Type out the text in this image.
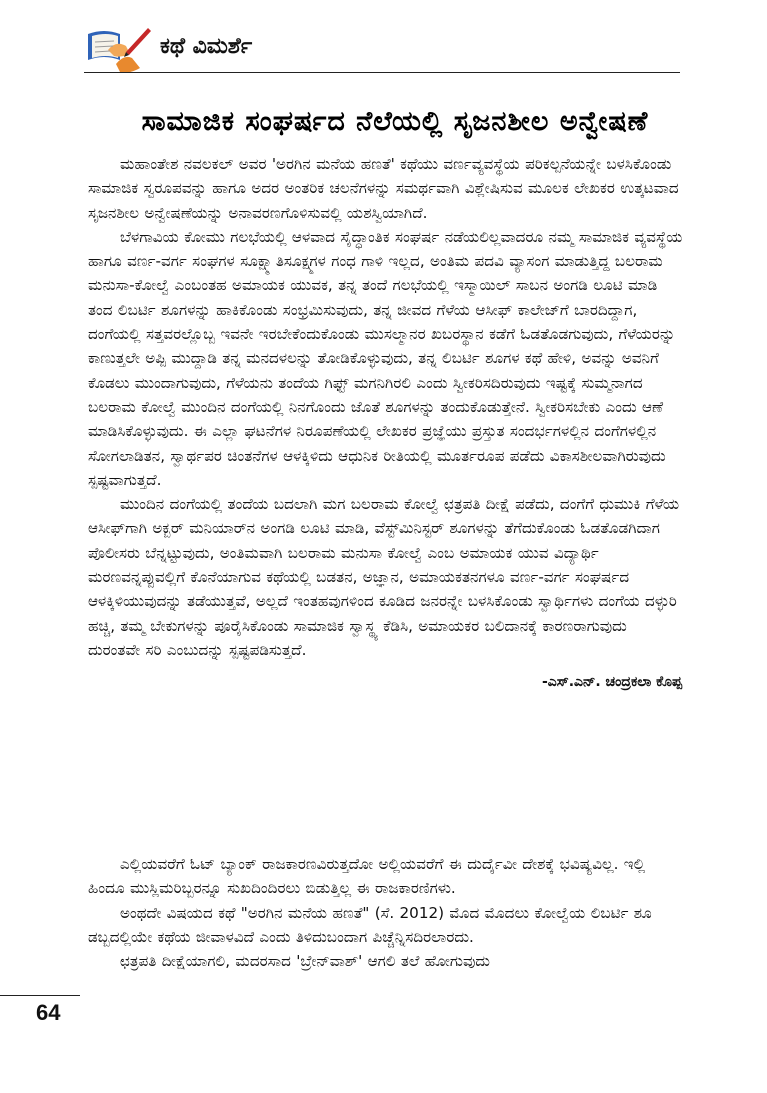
ಕಥೆ ವಿಮರ್ಶೆ
ಸಾಮಾಜಿಕ ಸಂಘರ್ಷದ ನೆಲೆಯಲ್ಲಿ ಸೃಜನಶೀಲ ಅನ್ವೇಷಣೆ

ಮಹಾಂತೇಶ ನವಲಕಲ್ ಅವರ 'ಅರಗಿನ ಮನೆಯ ಹಣತೆ' ಕಥೆಯು ವರ್ಣವ್ಯವಸ್ಥೆಯ ಪರಿಕಲ್ಪನೆಯನ್ನೇ ಬಳಸಿಕೊಂಡು ಸಾಮಾಜಿಕ ಸ್ವರೂಪವನ್ನು ಹಾಗೂ ಅದರ ಅಂತರಿಕ ಚಲನೆಗಳನ್ನು ಸಮರ್ಥವಾಗಿ ವಿಶ್ಲೇಷಿಸುವ ಮೂಲಕ ಲೇಖಕರ ಉತ್ಕಟವಾದ ಸೃಜನಶೀಲ ಅನ್ವೇಷಣೆಯನ್ನು ಅನಾವರಣಗೊಳಿಸುವಲ್ಲಿ ಯಶಸ್ವಿಯಾಗಿದೆ.

ಬೆಳಗಾವಿಯ ಕೋಮು ಗಲಭೆಯಲ್ಲಿ ಆಳವಾದ ಸೈದ್ಧಾಂತಿಕ ಸಂಘರ್ಷ ನಡೆಯಲಿಲ್ಲವಾದರೂ ನಮ್ಮ ಸಾಮಾಜಿಕ ವ್ಯವಸ್ಥೆಯ ಹಾಗೂ ವರ್ಣ-ವರ್ಗ ಸಂಘಗಳ ಸೂಕ್ಷ್ಮಾತಿಸೂಕ್ಷ್ಮಗಳ ಗಂಧ ಗಾಳಿ ಇಲ್ಲದ, ಅಂತಿಮ ಪದವಿ ವ್ಯಾಸಂಗ ಮಾಡುತ್ತಿದ್ದ ಬಲರಾಮ ಮನುಸಾ-ಕೋಲ್ವೆ ಎಂಬಂತಹ ಅಮಾಯಕ ಯುವಕ, ತನ್ನ ತಂದೆ ಗಲಭೆಯಲ್ಲಿ ಇಸ್ಮಾಯಿಲ್ ಸಾಬನ ಅಂಗಡಿ ಲೂಟಿ ಮಾಡಿ ತಂದ ಲಿಬರ್ಟಿ ಶೂಗಳನ್ನು ಹಾಕಿಕೊಂಡು ಸಂಭ್ರಮಿಸುವುದು, ತನ್ನ ಜೀವದ ಗೆಳೆಯ ಆಸೀಫ್ ಕಾಲೇಜ್‌ಗೆ ಬಾರದಿದ್ದಾಗ, ದಂಗೆಯಲ್ಲಿ ಸತ್ತವರಲ್ಲೊಬ್ಬ ಇವನೇ ಇರಬೇಕೆಂದುಕೊಂಡು ಮುಸಲ್ಮಾನರ ಖಬರಸ್ಥಾನ ಕಡೆಗೆ ಓಡತೊಡಗುವುದು, ಗೆಳೆಯರನ್ನು ಕಾಣುತ್ತಲೇ ಅಪ್ಪಿ ಮುದ್ದಾಡಿ ತನ್ನ ಮನದಳಲನ್ನು ತೋಡಿಕೊಳ್ಳುವುದು, ತನ್ನ ಲಿಬರ್ಟಿ ಶೂಗಳ ಕಥೆ ಹೇಳಿ, ಅವನ್ನು ಅವನಿಗೆ ಕೊಡಲು ಮುಂದಾಗುವುದು, ಗೆಳೆಯನು ತಂದೆಯ ಗಿಫ್ಟ್ ಮಗನಿಗಿರಲಿ ಎಂದು ಸ್ವೀಕರಿಸದಿರುವುದು ಇಷ್ಟಕ್ಕೆ ಸುಮ್ಮನಾಗದ ಬಲರಾಮ ಕೋಲ್ವೆ ಮುಂದಿನ ದಂಗೆಯಲ್ಲಿ ನಿನಗೊಂದು ಜೊತೆ ಶೂಗಳನ್ನು ತಂದುಕೊಡುತ್ತೇನೆ. ಸ್ವೀಕರಿಸಬೇಕು ಎಂದು ಆಣೆ ಮಾಡಿಸಿಕೊಳ್ಳುವುದು. ಈ ಎಲ್ಲಾ ಘಟನೆಗಳ ನಿರೂಪಣೆಯಲ್ಲಿ ಲೇಖಕರ ಪ್ರಜ್ಞೆಯು ಪ್ರಸ್ತುತ ಸಂದರ್ಭಗಳಲ್ಲಿನ ದಂಗೆಗಳಲ್ಲಿನ ಸೋಗಲಾಡಿತನ, ಸ್ವಾರ್ಥಪರ ಚಿಂತನೆಗಳ ಆಳಕ್ಕಿಳಿದು ಆಧುನಿಕ ರೀತಿಯಲ್ಲಿ ಮೂರ್ತರೂಪ ಪಡೆದು ವಿಕಾಸಶೀಲವಾಗಿರುವುದು ಸ್ಪಷ್ಟವಾಗುತ್ತದೆ.

ಮುಂದಿನ ದಂಗೆಯಲ್ಲಿ ತಂದೆಯ ಬದಲಾಗಿ ಮಗ ಬಲರಾಮ ಕೋಲ್ವೆ ಛತ್ರಪತಿ ದೀಕ್ಷೆ ಪಡೆದು, ದಂಗೆಗೆ ಧುಮುಕಿ ಗೆಳೆಯ ಆಸೀಫ್‌ಗಾಗಿ ಅಕ್ಬರ್ ಮನಿಯಾರ್‌ನ ಅಂಗಡಿ ಲೂಟಿ ಮಾಡಿ, ವೆಸ್ಟ್‌ಮಿನಿಸ್ಟರ್ ಶೂಗಳನ್ನು ತೆಗೆದುಕೊಂಡು ಓಡತೊಡಗಿದಾಗ ಪೊಲೀಸರು ಬೆನ್ನಟ್ಟುವುದು, ಅಂತಿಮವಾಗಿ ಬಲರಾಮ ಮನುಸಾ ಕೋಲ್ವೆ ಎಂಬ ಅಮಾಯಕ ಯುವ ವಿದ್ಯಾರ್ಥಿ ಮರಣವನ್ನಪ್ಪುವಲ್ಲಿಗೆ ಕೊನೆಯಾಗುವ ಕಥೆಯಲ್ಲಿ ಬಡತನ, ಅಜ್ಞಾನ, ಅಮಾಯಕತನಗಳೂ ವರ್ಣ-ವರ್ಗ ಸಂಘರ್ಷದ ಆಳಕ್ಕಿಳಿಯುವುದನ್ನು ತಡೆಯುತ್ತವೆ, ಅಲ್ಲದೆ ಇಂತಹವುಗಳಿಂದ ಕೂಡಿದ ಜನರನ್ನೇ ಬಳಸಿಕೊಂಡು ಸ್ವಾರ್ಥಿಗಳು ದಂಗೆಯ ದಳ್ಳುರಿ ಹಚ್ಚಿ, ತಮ್ಮ ಬೇಕುಗಳನ್ನು ಪೂರೈಸಿಕೊಂಡು ಸಾಮಾಜಿಕ ಸ್ವಾಸ್ಥ್ಯ ಕೆಡಿಸಿ, ಅಮಾಯಕರ ಬಲಿದಾನಕ್ಕೆ ಕಾರಣರಾಗುವುದು ದುರಂತವೇ ಸರಿ ಎಂಬುದನ್ನು ಸ್ಪಷ್ಟಪಡಿಸುತ್ತದೆ.

-ಎಸ್.ಎನ್. ಚಂದ್ರಕಲಾ ಕೊಪ್ಪ

ಎಲ್ಲಿಯವರೆಗೆ ಓಟ್ ಬ್ಯಾಂಕ್ ರಾಜಕಾರಣವಿರುತ್ತದೋ ಅಲ್ಲಿಯವರೆಗೆ ಈ ದುರ್ದೈವೀ ದೇಶಕ್ಕೆ ಭವಿಷ್ಯವಿಲ್ಲ. ಇಲ್ಲಿ ಹಿಂದೂ ಮುಸ್ಲಿಮರಿಬ್ಬರನ್ನೂ ಸುಖದಿಂದಿರಲು ಬಿಡುತ್ತಿಲ್ಲ ಈ ರಾಜಕಾರಣಿಗಳು.

ಅಂಥದೇ ವಿಷಯದ ಕಥೆ "ಅರಗಿನ ಮನೆಯ ಹಣತೆ" (ಸೆ. 2012) ಮೊದ ಮೊದಲು ಕೋಲ್ವೆಯ ಲಿಬರ್ಟಿ ಶೂ ಡಬ್ಬದಲ್ಲಿಯೇ ಕಥೆಯ ಜೀವಾಳವಿದೆ ಎಂದು ತಿಳಿದುಬಂದಾಗ ಪಿಚ್ಚೆನ್ನಿಸದಿರಲಾರದು.

ಛತ್ರಪತಿ ದೀಕ್ಷೆಯಾಗಲಿ, ಮದರಸಾದ 'ಬ್ರೇನ್‌ವಾಶ್' ಆಗಲಿ ತಲೆ ಹೋಗುವುದು

64
